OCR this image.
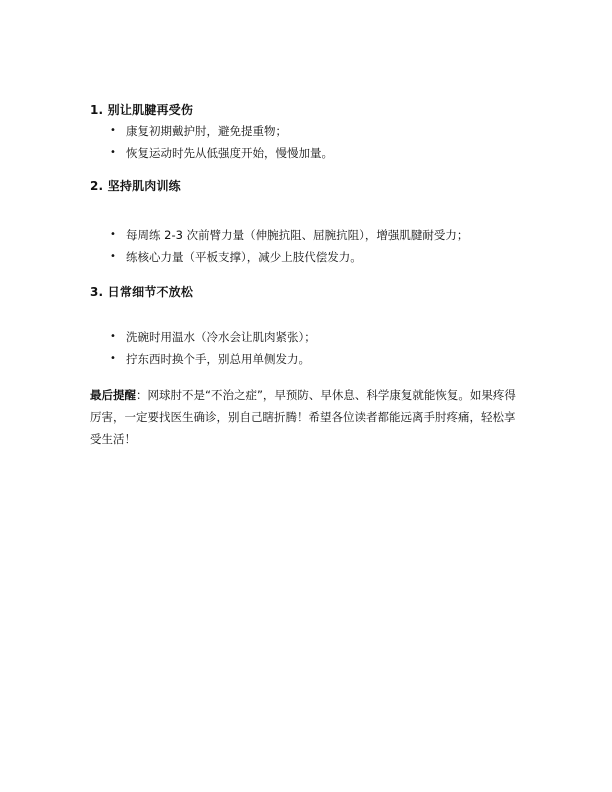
1. 别让肌腱再受伤
• 康复初期戴护肘，避免提重物；
• 恢复运动时先从低强度开始，慢慢加量。
2. 坚持肌肉训练
• 每周练 2-3 次前臂力量（伸腕抗阻、屈腕抗阻），增强肌腱耐受力；
• 练核心力量（平板支撑），减少上肢代偿发力。
3. 日常细节不放松
• 洗碗时用温水（冷水会让肌肉紧张）；
• 拧东西时换个手，别总用单侧发力。

最后提醒：网球肘不是“不治之症”，早预防、早休息、科学康复就能恢复。如果疼得厉害，一定要找医生确诊，别自己瞎折腾！希望各位读者都能远离手肘疼痛，轻松享受生活！
